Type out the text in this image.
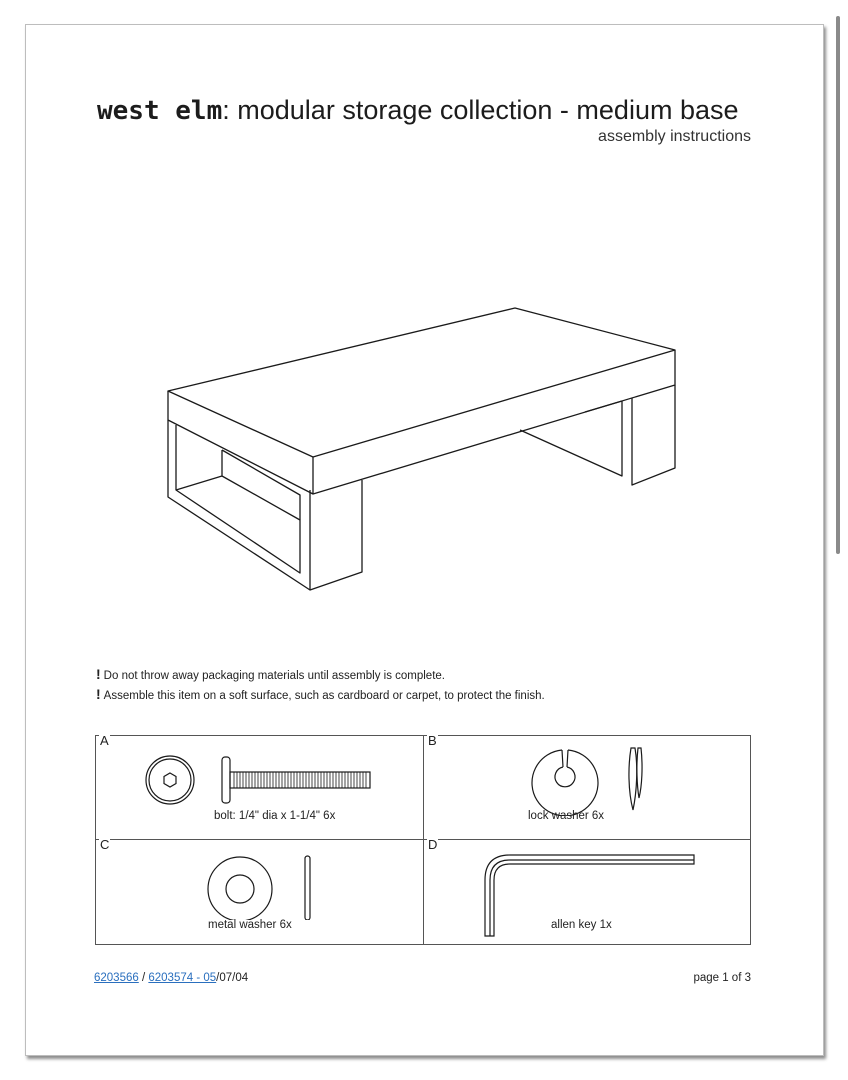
west elm: modular storage collection - medium base
assembly instructions
! Do not throw away packaging materials until assembly is complete.
! Assemble this item on a soft surface, such as cardboard or carpet, to protect the finish.
A
bolt: 1/4" dia x 1-1/4" 6x
B
lock washer 6x
C
metal washer 6x
D
allen key 1x
6203566 / 6203574 - 05/07/04	page 1 of 3
